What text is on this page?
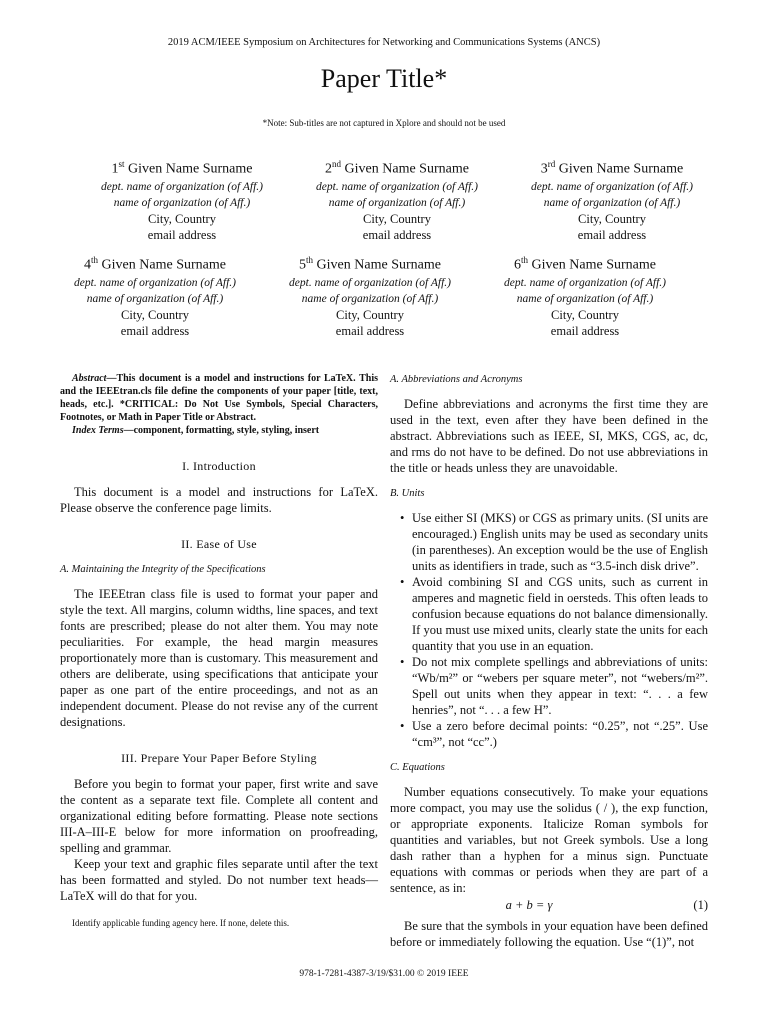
2019 ACM/IEEE Symposium on Architectures for Networking and Communications Systems (ANCS)
Paper Title*
*Note: Sub-titles are not captured in Xplore and should not be used
1st Given Name Surname
dept. name of organization (of Aff.)
name of organization (of Aff.)
City, Country
email address
2nd Given Name Surname
dept. name of organization (of Aff.)
name of organization (of Aff.)
City, Country
email address
3rd Given Name Surname
dept. name of organization (of Aff.)
name of organization (of Aff.)
City, Country
email address
4th Given Name Surname
dept. name of organization (of Aff.)
name of organization (of Aff.)
City, Country
email address
5th Given Name Surname
dept. name of organization (of Aff.)
name of organization (of Aff.)
City, Country
email address
6th Given Name Surname
dept. name of organization (of Aff.)
name of organization (of Aff.)
City, Country
email address

Abstract—This document is a model and instructions for LaTeX. This and the IEEEtran.cls file define the components of your paper [title, text, heads, etc.]. *CRITICAL: Do Not Use Symbols, Special Characters, Footnotes, or Math in Paper Title or Abstract.

Index Terms—component, formatting, style, styling, insert

I. Introduction

This document is a model and instructions for LaTeX. Please observe the conference page limits.

II. Ease of Use
A. Maintaining the Integrity of the Specifications

The IEEEtran class file is used to format your paper and style the text. All margins, column widths, line spaces, and text fonts are prescribed; please do not alter them. You may note peculiarities. For example, the head margin measures proportionately more than is customary. This measurement and others are deliberate, using specifications that anticipate your paper as one part of the entire proceedings, and not as an independent document. Please do not revise any of the current designations.

III. Prepare Your Paper Before Styling

Before you begin to format your paper, first write and save the content as a separate text file. Complete all content and organizational editing before formatting. Please note sections III-A–III-E below for more information on proofreading, spelling and grammar.

Keep your text and graphic files separate until after the text has been formatted and styled. Do not number text heads—LaTeX will do that for you.

Identify applicable funding agency here. If none, delete this.
A. Abbreviations and Acronyms

Define abbreviations and acronyms the first time they are used in the text, even after they have been defined in the abstract. Abbreviations such as IEEE, SI, MKS, CGS, ac, dc, and rms do not have to be defined. Do not use abbreviations in the title or heads unless they are unavoidable.

B. Units
• Use either SI (MKS) or CGS as primary units. (SI units are encouraged.) English units may be used as secondary units (in parentheses). An exception would be the use of English units as identifiers in trade, such as “3.5-inch disk drive”.
• Avoid combining SI and CGS units, such as current in amperes and magnetic field in oersteds. This often leads to confusion because equations do not balance dimensionally. If you must use mixed units, clearly state the units for each quantity that you use in an equation.
• Do not mix complete spellings and abbreviations of units: “Wb/m²” or “webers per square meter”, not “webers/m²”. Spell out units when they appear in text: “. . . a few henries”, not “. . . a few H”.
• Use a zero before decimal points: “0.25”, not “.25”. Use “cm³”, not “cc”.)
C. Equations

Number equations consecutively. To make your equations more compact, you may use the solidus ( / ), the exp function, or appropriate exponents. Italicize Roman symbols for quantities and variables, but not Greek symbols. Use a long dash rather than a hyphen for a minus sign. Punctuate equations with commas or periods when they are part of a sentence, as in:

a + b = γ	(1)

Be sure that the symbols in your equation have been defined before or immediately following the equation. Use “(1)”, not

978-1-7281-4387-3/19/$31.00 © 2019 IEEE
